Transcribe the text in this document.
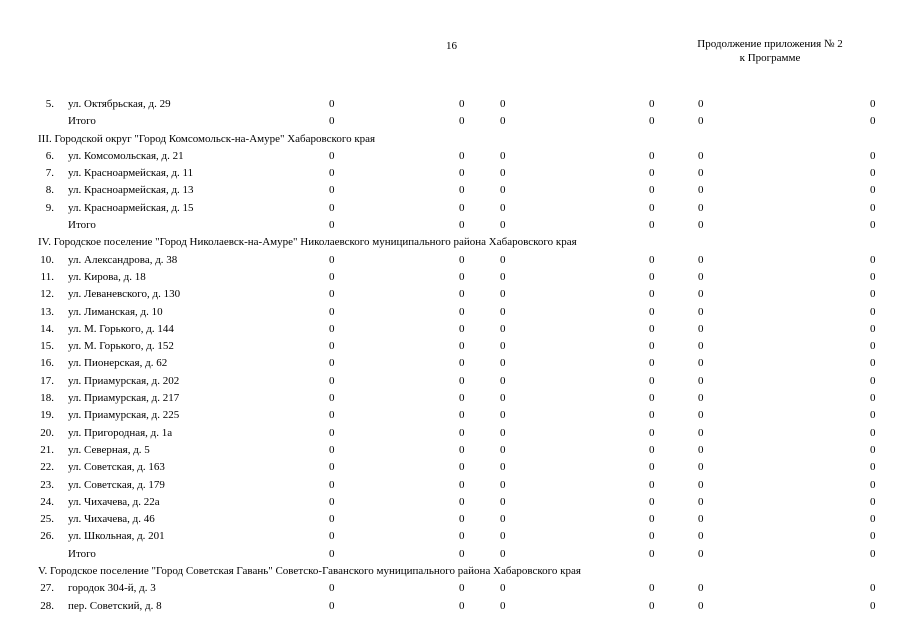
16	Продолжение приложения № 2
к Программе
5. ул. Октябрьская, д. 29	0	0	0	0	0	0
Итого	0	0	0	0	0	0
III. Городской округ "Город Комсомольск-на-Амуре" Хабаровского края
6. ул. Комсомольская, д. 21	0	0	0	0	0	0
7. ул. Красноармейская, д. 11	0	0	0	0	0	0
8. ул. Красноармейская, д. 13	0	0	0	0	0	0
9. ул. Красноармейская, д. 15	0	0	0	0	0	0
Итого	0	0	0	0	0	0
IV. Городское поселение "Город Николаевск-на-Амуре" Николаевского муниципального района Хабаровского края
10. ул. Александрова, д. 38	0	0	0	0	0	0
11. ул. Кирова, д. 18	0	0	0	0	0	0
12. ул. Леваневского, д. 130	0	0	0	0	0	0
13. ул. Лиманская, д. 10	0	0	0	0	0	0
14. ул. М. Горького, д. 144	0	0	0	0	0	0
15. ул. М. Горького, д. 152	0	0	0	0	0	0
16. ул. Пионерская, д. 62	0	0	0	0	0	0
17. ул. Приамурская, д. 202	0	0	0	0	0	0
18. ул. Приамурская, д. 217	0	0	0	0	0	0
19. ул. Приамурская, д. 225	0	0	0	0	0	0
20. ул. Пригородная, д. 1а	0	0	0	0	0	0
21. ул. Северная, д. 5	0	0	0	0	0	0
22. ул. Советская, д. 163	0	0	0	0	0	0
23. ул. Советская, д. 179	0	0	0	0	0	0
24. ул. Чихачева, д. 22а	0	0	0	0	0	0
25. ул. Чихачева, д. 46	0	0	0	0	0	0
26. ул. Школьная, д. 201	0	0	0	0	0	0
Итого	0	0	0	0	0	0
V. Городское поселение "Город Советская Гавань" Советско-Гаванского муниципального района Хабаровского края
27. городок 304-й, д. 3	0	0	0	0	0	0
28. пер. Советский, д. 8	0	0	0	0	0	0
